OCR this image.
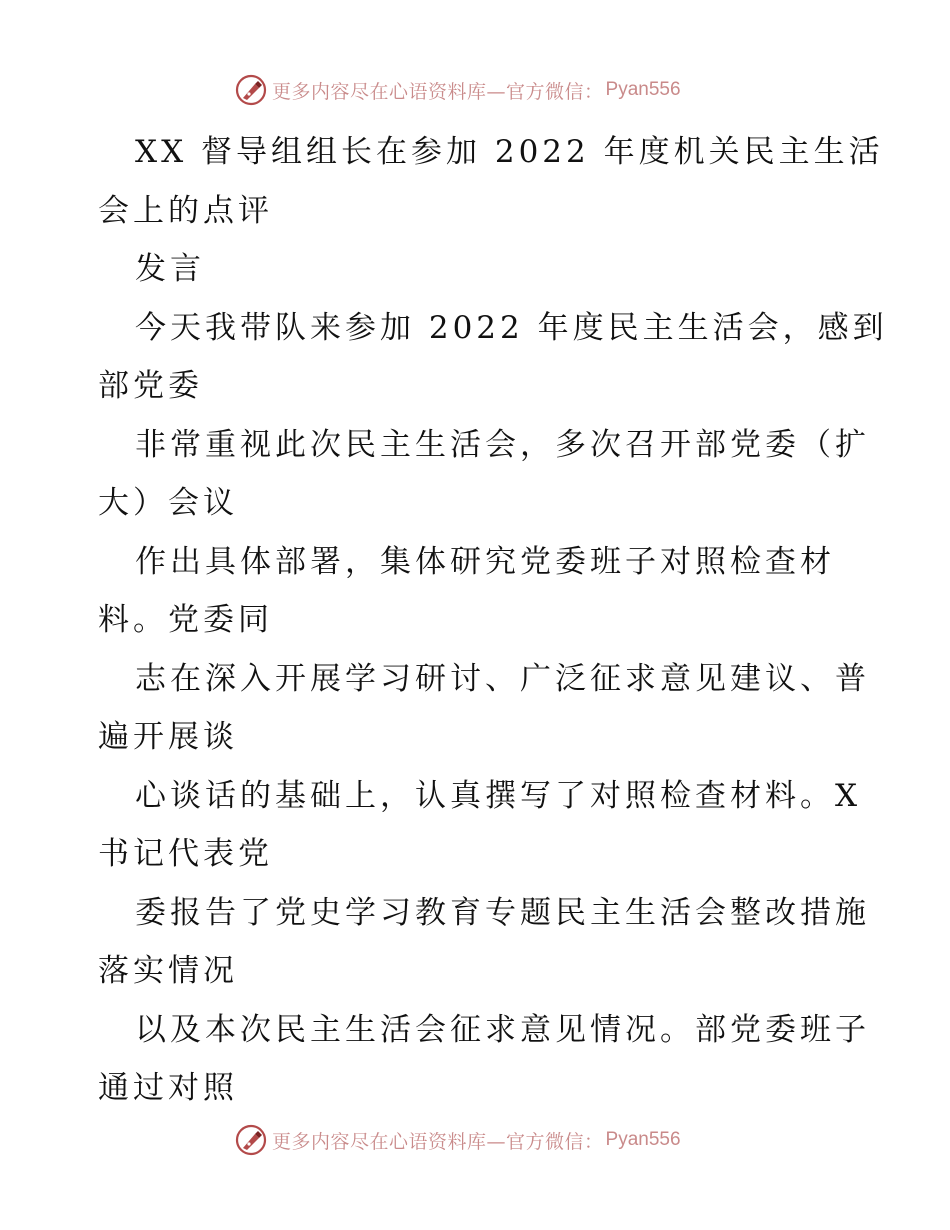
更多内容尽在心语资料库—官方微信： Pyan556
XX 督导组组长在参加 2022 年度机关民主生活
会上的点评
发言
今天我带队来参加 2022 年度民主生活会，感到
部党委
非常重视此次民主生活会，多次召开部党委（扩
大）会议
作出具体部署，集体研究党委班子对照检查材
料。党委同
志在深入开展学习研讨、广泛征求意见建议、普
遍开展谈
心谈话的基础上，认真撰写了对照检查材料。X
书记代表党
委报告了党史学习教育专题民主生活会整改措施
落实情况
以及本次民主生活会征求意见情况。部党委班子
通过对照
更多内容尽在心语资料库—官方微信： Pyan556
